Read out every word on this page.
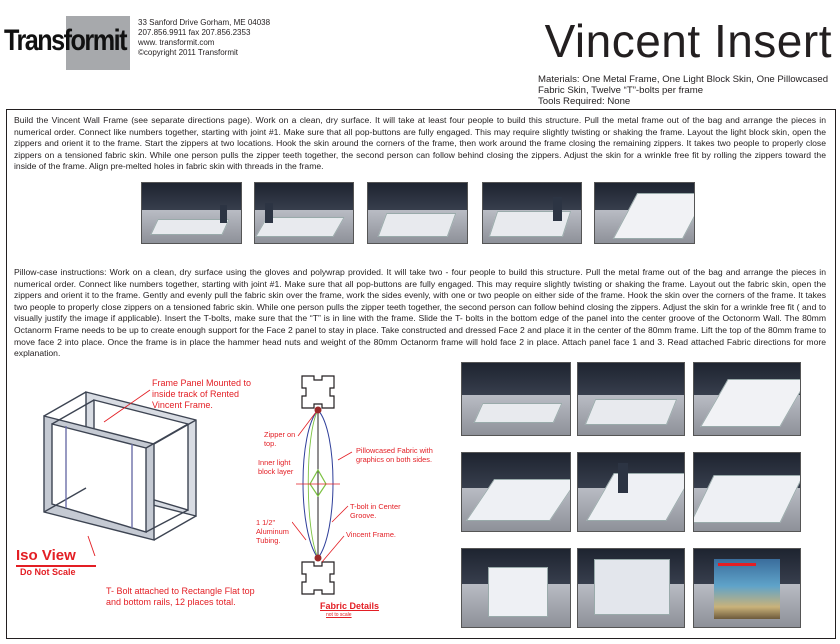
Transformit
33 Sanford Drive Gorham, ME 04038
207.856.9911 fax 207.856.2353
www. transformit.com
©copyright 2011 Transformit	Vincent Insert
Materials: One Metal Frame, One Light Block Skin, One Pillowcased Fabric Skin, Twelve “T”-bolts per frame
Tools Required: None
Build the Vincent Wall Frame (see separate directions page). Work on a clean, dry surface. It will take at least four people to build this structure. Pull the metal frame out of the bag and arrange the pieces in numerical order. Connect like numbers together, starting with joint #1. Make sure that all pop-buttons are fully engaged. This may require slightly twisting or shaking the frame. Layout the light block skin, open the zippers and orient it to the frame. Start the zippers at two locations. Hook the skin around the corners of the frame, then work around the frame closing the remaining zippers. It takes two people to properly close zippers on a tensioned fabric skin. While one person pulls the zipper teeth together, the second person can follow behind closing the zippers. Adjust the skin for a wrinkle free fit by rolling the zippers toward the inside of the frame. Align pre-melted holes in fabric skin with threads in the frame.
Pillow-case instructions: Work on a clean, dry surface using the gloves and polywrap provided. It will take two - four people to build this structure. Pull the metal frame out of the bag and arrange the pieces in numerical order. Connect like numbers together, starting with joint #1. Make sure that all pop-buttons are fully engaged. This may require slightly twisting or shaking the frame. Layout out the fabric skin, open the zippers and orient it to the frame. Gently and evenly pull the fabric skin over the frame, work the sides evenly, with one or two people on either side of the frame. Hook the skin over the corners of the frame. It takes two people to properly close zippers on a tensioned fabric skin. While one person pulls the zipper teeth together, the second person can follow behind closing the zippers. Adjust the skin for a wrinkle free fit ( and to visually justify the image if applicable). Insert the T-bolts, make sure that the “T” is in line with the frame. Slide the T- bolts in the bottom edge of the panel into the center groove of the Octonorm Wall. The 80mm Octanorm Frame needs to be up to create enough support for the Face 2 panel to stay in place. Take constructed and dressed Face 2 and place it in the center of the 80mm frame. Lift the top of the 80mm frame to move face 2 into place. Once the frame is in place the hammer head nuts and weight of the 80mm Octanorm frame will hold face 2 in place. Attach panel face 1 and 3. Read attached Fabric directions for more explanation.
Frame Panel Mounted to inside track of Rented Vincent Frame.
Iso View
Do Not Scale
T- Bolt attached to Rectangle Flat top and bottom rails, 12 places total.
Zipper on top.
Inner light block layer
Pillowcased Fabric with graphics on both sides.
T-bolt in Center Groove.
1 1/2" Aluminum Tubing.
Vincent Frame.
Fabric Details
not to scale
